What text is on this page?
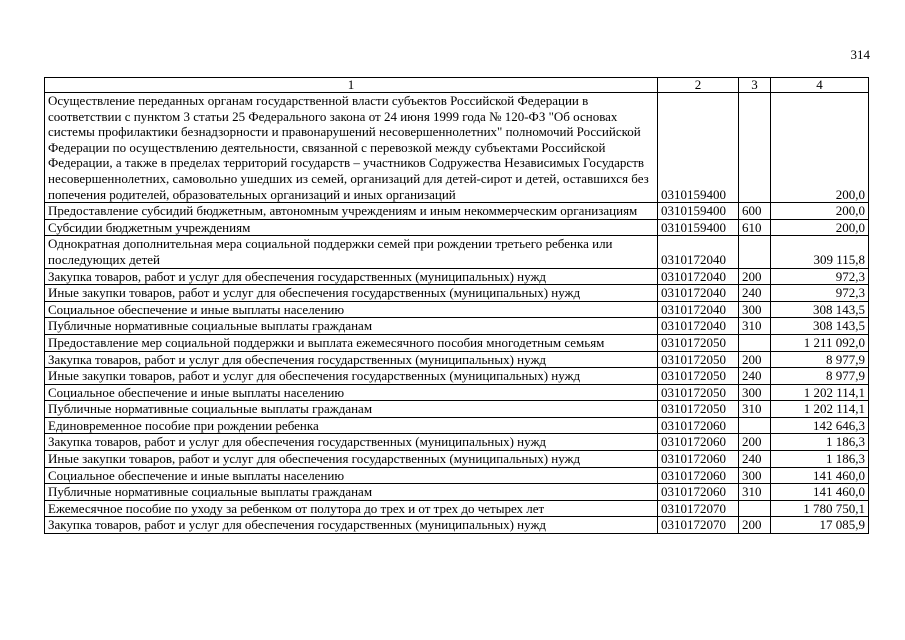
314
1	2	3	4
Осуществление переданных органам государственной власти субъектов Российской Федерации в соответствии с пунктом 3 статьи 25 Федерального закона от 24 июня 1999 года № 120-ФЗ "Об основах системы профилактики безнадзорности и правонарушений несовершеннолетних" полномочий Российской Федерации по осуществлению деятельности, связанной с перевозкой между субъектами Российской Федерации, а также в пределах территорий государств – участников Содружества Независимых Государств несовершеннолетних, самовольно ушедших из семей, организаций для детей-сирот и детей, оставшихся без попечения родителей, образовательных организаций и иных организаций	0310159400		200,0
Предоставление субсидий бюджетным, автономным учреждениям и иным некоммерческим организациям	0310159400	600	200,0
Субсидии бюджетным учреждениям	0310159400	610	200,0
Однократная дополнительная мера социальной поддержки семей при рождении третьего ребенка или последующих детей	0310172040		309 115,8
Закупка товаров, работ и услуг для обеспечения государственных (муниципальных) нужд	0310172040	200	972,3
Иные закупки товаров, работ и услуг для обеспечения государственных (муниципальных) нужд	0310172040	240	972,3
Социальное обеспечение и иные выплаты населению	0310172040	300	308 143,5
Публичные нормативные социальные выплаты гражданам	0310172040	310	308 143,5
Предоставление мер социальной поддержки и выплата ежемесячного пособия многодетным семьям	0310172050		1 211 092,0
Закупка товаров, работ и услуг для обеспечения государственных (муниципальных) нужд	0310172050	200	8 977,9
Иные закупки товаров, работ и услуг для обеспечения государственных (муниципальных) нужд	0310172050	240	8 977,9
Социальное обеспечение и иные выплаты населению	0310172050	300	1 202 114,1
Публичные нормативные социальные выплаты гражданам	0310172050	310	1 202 114,1
Единовременное пособие при рождении ребенка	0310172060		142 646,3
Закупка товаров, работ и услуг для обеспечения государственных (муниципальных) нужд	0310172060	200	1 186,3
Иные закупки товаров, работ и услуг для обеспечения государственных (муниципальных) нужд	0310172060	240	1 186,3
Социальное обеспечение и иные выплаты населению	0310172060	300	141 460,0
Публичные нормативные социальные выплаты гражданам	0310172060	310	141 460,0
Ежемесячное пособие по уходу за ребенком от полутора до трех и от трех до четырех лет	0310172070		1 780 750,1
Закупка товаров, работ и услуг для обеспечения государственных (муниципальных) нужд	0310172070	200	17 085,9
